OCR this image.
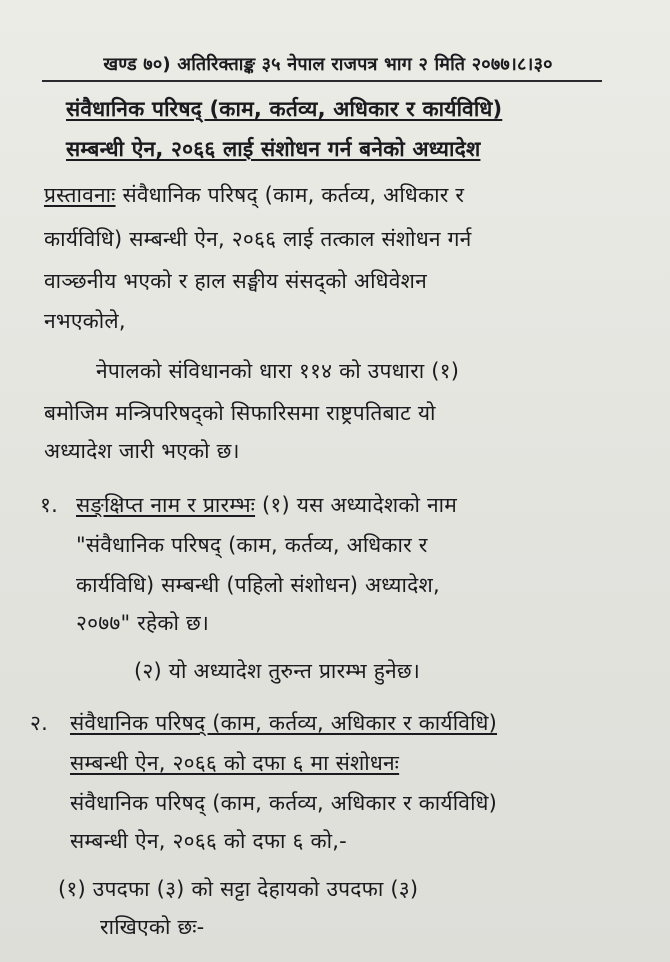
खण्ड ७०) अतिरिक्ताङ्क ३५ नेपाल राजपत्र भाग २ मिति २०७७।८।३०
संवैधानिक परिषद् (काम, कर्तव्य, अधिकार र कार्यविधि)
सम्बन्धी ऐन, २०६६ लाई संशोधन गर्न बनेको अध्यादेश
प्रस्तावनाः संवैधानिक परिषद् (काम, कर्तव्य, अधिकार र
कार्यविधि) सम्बन्धी ऐन, २०६६ लाई तत्काल संशोधन गर्न
वाञ्छनीय भएको र हाल सङ्घीय संसद्को अधिवेशन
नभएकोले,
नेपालको संविधानको धारा ११४ को उपधारा (१)
बमोजिम मन्त्रिपरिषद्को सिफारिसमा राष्ट्रपतिबाट यो
अध्यादेश जारी भएको छ।
१. सङ्क्षिप्त नाम र प्रारम्भः (१) यस अध्यादेशको नाम
"संवैधानिक परिषद् (काम, कर्तव्य, अधिकार र
कार्यविधि) सम्बन्धी (पहिलो संशोधन) अध्यादेश,
२०७७" रहेको छ।
(२) यो अध्यादेश तुरुन्त प्रारम्भ हुनेछ।
२. संवैधानिक परिषद् (काम, कर्तव्य, अधिकार र कार्यविधि)
सम्बन्धी ऐन, २०६६ को दफा ६ मा संशोधनः
संवैधानिक परिषद् (काम, कर्तव्य, अधिकार र कार्यविधि)
सम्बन्धी ऐन, २०६६ को दफा ६ को,-
(१) उपदफा (३) को सट्टा देहायको उपदफा (३)
राखिएको छः-
